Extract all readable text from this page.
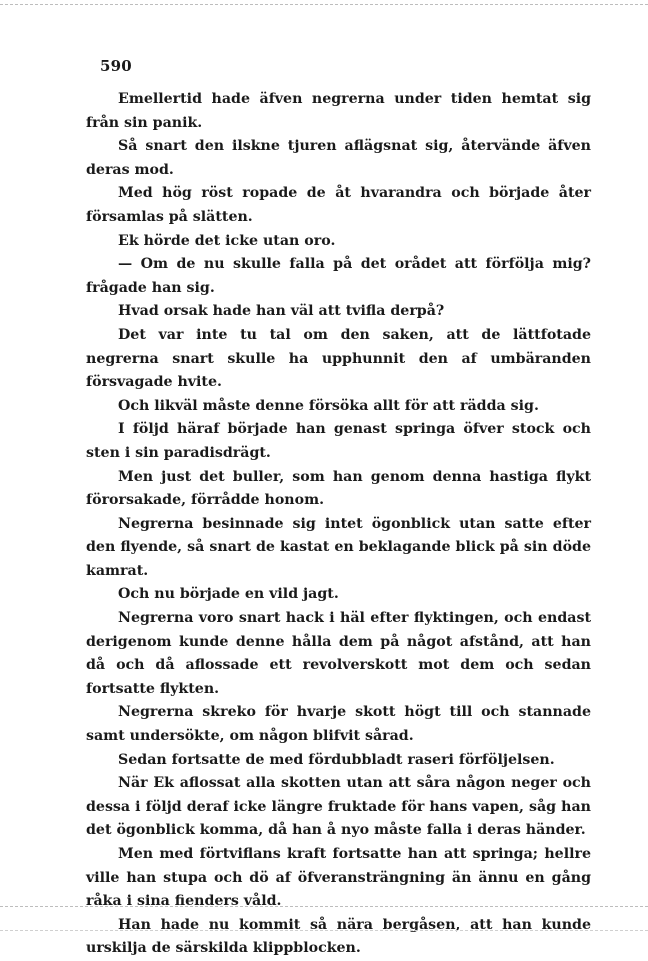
590

Emellertid hade äfven negrerna under tiden hemtat sig från sin panik.

Så snart den ilskne tjuren aflägsnat sig, återvände äfven deras mod.

Med hög röst ropade de åt hvarandra och började åter församlas på slätten.

Ek hörde det icke utan oro.

— Om de nu skulle falla på det orådet att förfölja mig? frågade han sig.

Hvad orsak hade han väl att tvifla derpå?

Det var inte tu tal om den saken, att de lättfotade negrerna snart skulle ha upphunnit den af umbäranden försvagade hvite.

Och likväl måste denne försöka allt för att rädda sig.

I följd häraf började han genast springa öfver stock och sten i sin paradisdrägt.

Men just det buller, som han genom denna hastiga flykt förorsakade, förrådde honom.

Negrerna besinnade sig intet ögonblick utan satte efter den flyende, så snart de kastat en beklagande blick på sin döde kamrat.

Och nu började en vild jagt.

Negrerna voro snart hack i häl efter flyktingen, och endast derigenom kunde denne hålla dem på något afstånd, att han då och då aflossade ett revolverskott mot dem och sedan fortsatte flykten.

Negrerna skreko för hvarje skott högt till och stannade samt undersökte, om någon blifvit sårad.

Sedan fortsatte de med fördubbladt raseri förföljelsen.

När Ek aflossat alla skotten utan att såra någon neger och dessa i följd deraf icke längre fruktade för hans vapen, såg han det ögonblick komma, då han å nyo måste falla i deras händer.

Men med förtviflans kraft fortsatte han att springa; hellre ville han stupa och dö af öfveransträngning än ännu en gång råka i sina fienders våld.

Han hade nu kommit så nära bergåsen, att han kunde urskilja de särskilda klippblocken.
